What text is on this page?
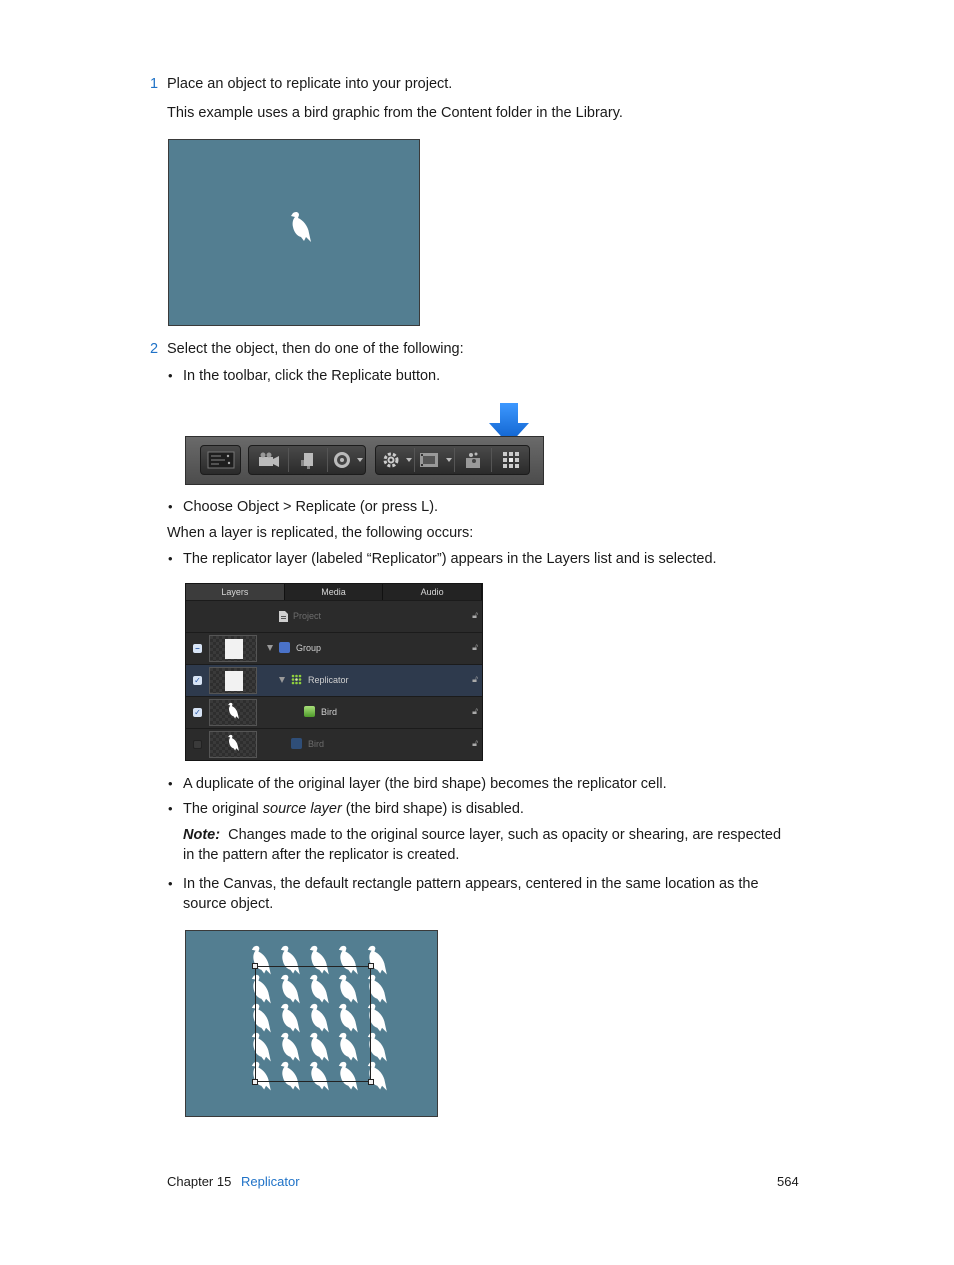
1 Place an object to replicate into your project.
This example uses a bird graphic from the Content folder in the Library.
2 Select the object, then do one of the following:
• In the toolbar, click the Replicate button.
• Choose Object > Replicate (or press L).
When a layer is replicated, the following occurs:
• The replicator layer (labeled “Replicator”) appears in the Layers list and is selected.
Layers	Media	Audio
Project	🔓︎
–	Group	🔓︎
✓	Replicator	🔓︎
✓	Bird	🔓︎
Bird	🔓︎
• A duplicate of the original layer (the bird shape) becomes the replicator cell.
• The original source layer (the bird shape) is disabled.
Note: Changes made to the original source layer, such as opacity or shearing, are respected in the pattern after the replicator is created.
• In the Canvas, the default rectangle pattern appears, centered in the same location as the source object.
Chapter 15 Replicator	564
